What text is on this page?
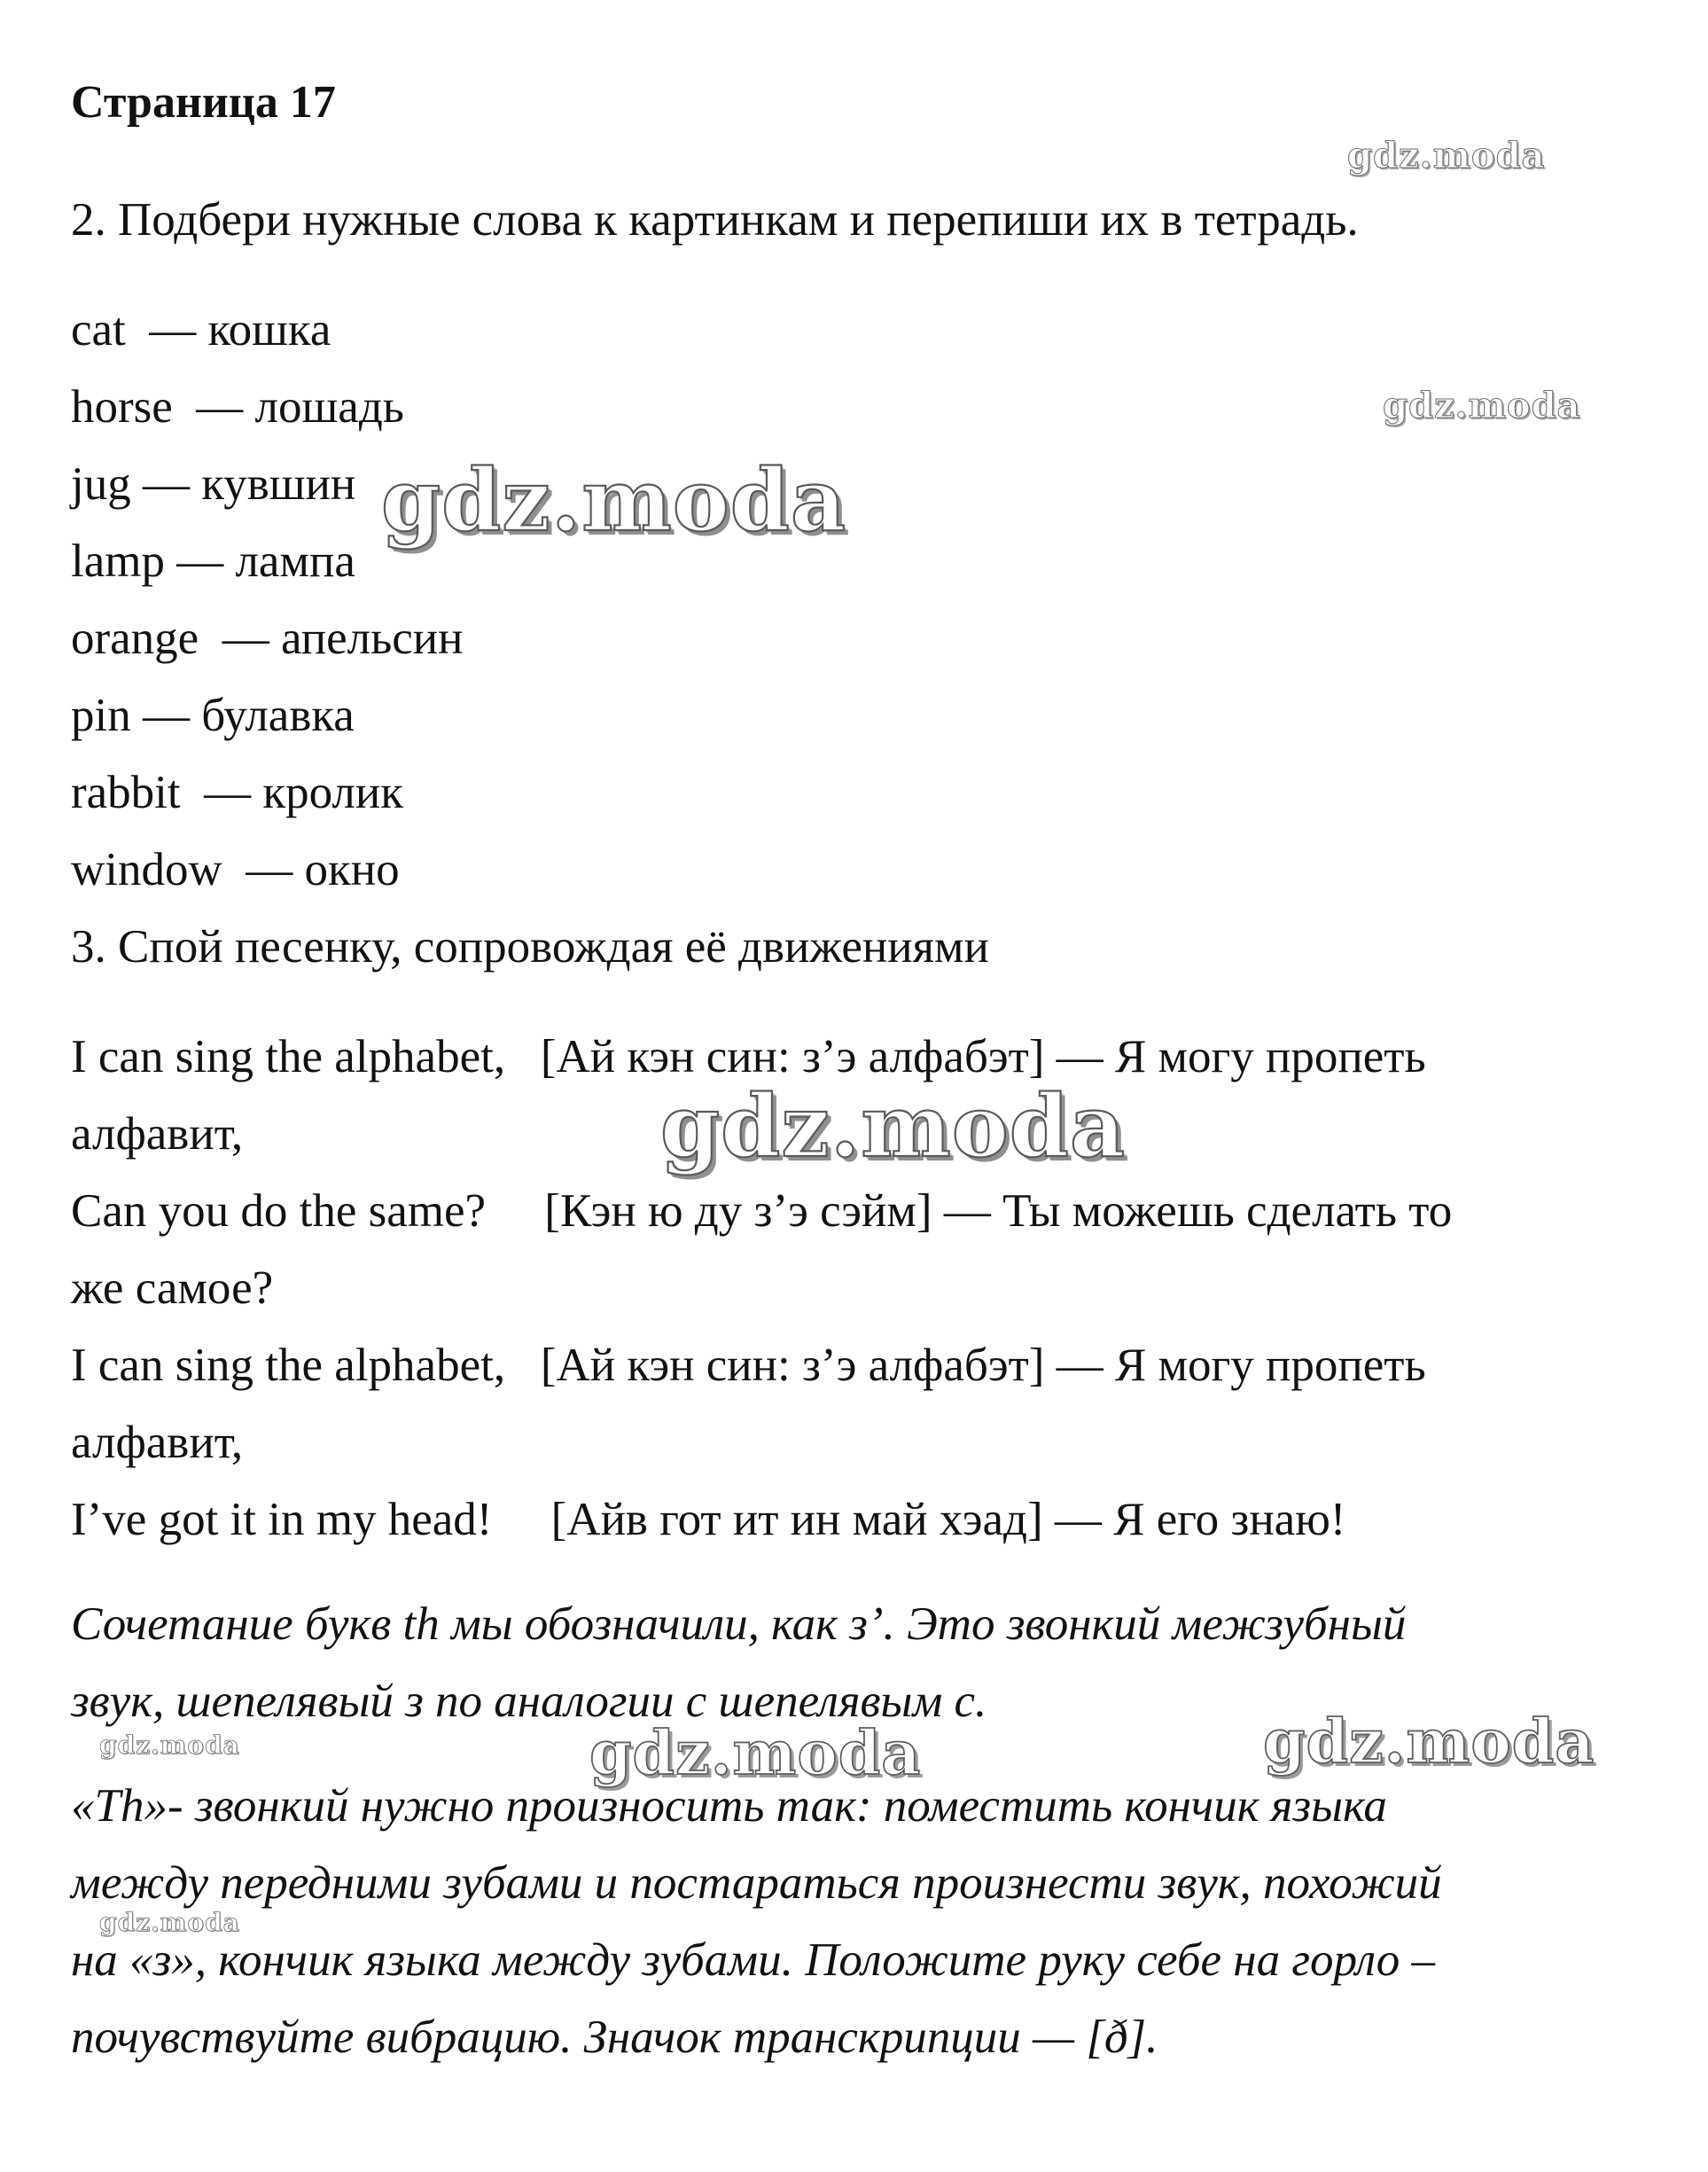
Страница 17
2. Подбери нужные слова к картинкам и перепиши их в тетрадь.
cat  — кошка
horse  — лошадь
jug — кувшин
lamp — лампа
orange  — апельсин
pin — булавка
rabbit  — кролик
window  — окно
3. Спой песенку, сопровождая её движениями
I can sing the alphabet,   [Ай кэн син: з’э алфабэт] — Я могу пропеть
алфавит,
Can you do the same?     [Кэн ю ду з’э сэйм] — Ты можешь сделать то
же самое?
I can sing the alphabet,   [Ай кэн син: з’э алфабэт] — Я могу пропеть
алфавит,
I’ve got it in my head!     [Айв гот ит ин май хэад] — Я его знаю!
Сочетание букв th мы обозначили, как з’. Это звонкий межзубный
звук, шепелявый з по аналогии с шепелявым с.
«Th»- звонкий нужно произносить так: поместить кончик языка
между передними зубами и постараться произнести звук, похожий
на «з», кончик языка между зубами. Положите руку себе на горло –
почувствуйте вибрацию. Значок транскрипции — [ð].
gdz.moda
gdz.moda
gdz.moda
gdz.moda
gdz.moda	gdz.moda	gdz.moda
gdz.moda
